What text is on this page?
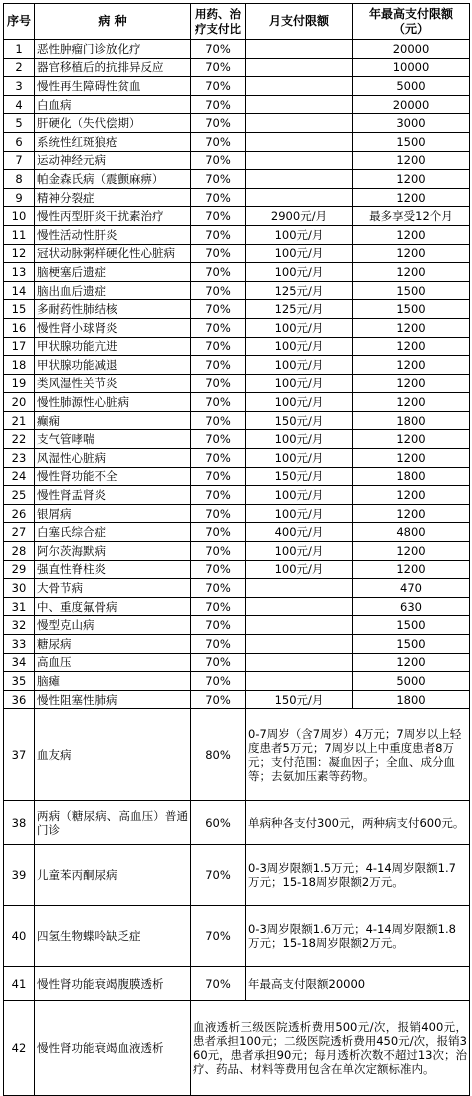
序号	病 种	用药、治疗支付比	月支付限额	年最高支付限额（元）
1	恶性肿瘤门诊放化疗	70%		20000
2	器官移植后的抗排异反应	70%		10000
3	慢性再生障碍性贫血	70%		5000
4	白血病	70%		20000
5	肝硬化（失代偿期）	70%		3000
6	系统性红斑狼疮	70%		1500
7	运动神经元病	70%		1200
8	帕金森氏病（震颤麻痹）	70%		1200
9	精神分裂症	70%		1200
10	慢性丙型肝炎干扰素治疗	70%	2900元/月	最多享受12个月
11	慢性活动性肝炎	70%	100元/月	1200
12	冠状动脉粥样硬化性心脏病	70%	100元/月	1200
13	脑梗塞后遗症	70%	100元/月	1200
14	脑出血后遗症	70%	125元/月	1500
15	多耐药性肺结核	70%	125元/月	1500
16	慢性肾小球肾炎	70%	100元/月	1200
17	甲状腺功能亢进	70%	100元/月	1200
18	甲状腺功能减退	70%	100元/月	1200
19	类风湿性关节炎	70%	100元/月	1200
20	慢性肺源性心脏病	70%	100元/月	1200
21	癫痫	70%	150元/月	1800
22	支气管哮喘	70%	100元/月	1200
23	风湿性心脏病	70%	100元/月	1200
24	慢性肾功能不全	70%	150元/月	1800
25	慢性肾盂肾炎	70%	100元/月	1200
26	银屑病	70%	100元/月	1200
27	白塞氏综合症	70%	400元/月	4800
28	阿尔茨海默病	70%	100元/月	1200
29	强直性脊柱炎	70%	100元/月	1200
30	大骨节病	70%		470
31	中、重度氟骨病	70%		630
32	慢型克山病	70%		1500
33	糖尿病	70%		1500
34	高血压	70%		1200
35	脑瘫	70%		5000
36	慢性阻塞性肺病	70%	150元/月	1800
37	血友病	80%	0-7周岁（含7周岁）4万元；7周岁以上轻度患者5万元；7周岁以上中重度患者8万元；支付范围：凝血因子；全血、成分血等；去氨加压素等药物。	
38	两病（糖尿病、高血压）普通门诊	60%	单病种各支付300元，两种病支付600元。	
39	儿童苯丙酮尿病	70%	0-3周岁限额1.5万元；4-14周岁限额1.7万元；15-18周岁限额2万元。	
40	四氢生物蝶呤缺乏症	70%	0-3周岁限额1.6万元；4-14周岁限额1.8万元；15-18周岁限额2万元。	
41	慢性肾功能衰竭腹膜透析	70%	年最高支付限额20000	
42	慢性肾功能衰竭血液透析	血液透析三级医院透析费用500元/次，报销400元，患者承担100元；二级医院透析费用450元/次，报销360元，患者承担90元；每月透析次数不超过13次；治疗、药品、材料等费用包含在单次定额标准内。		
